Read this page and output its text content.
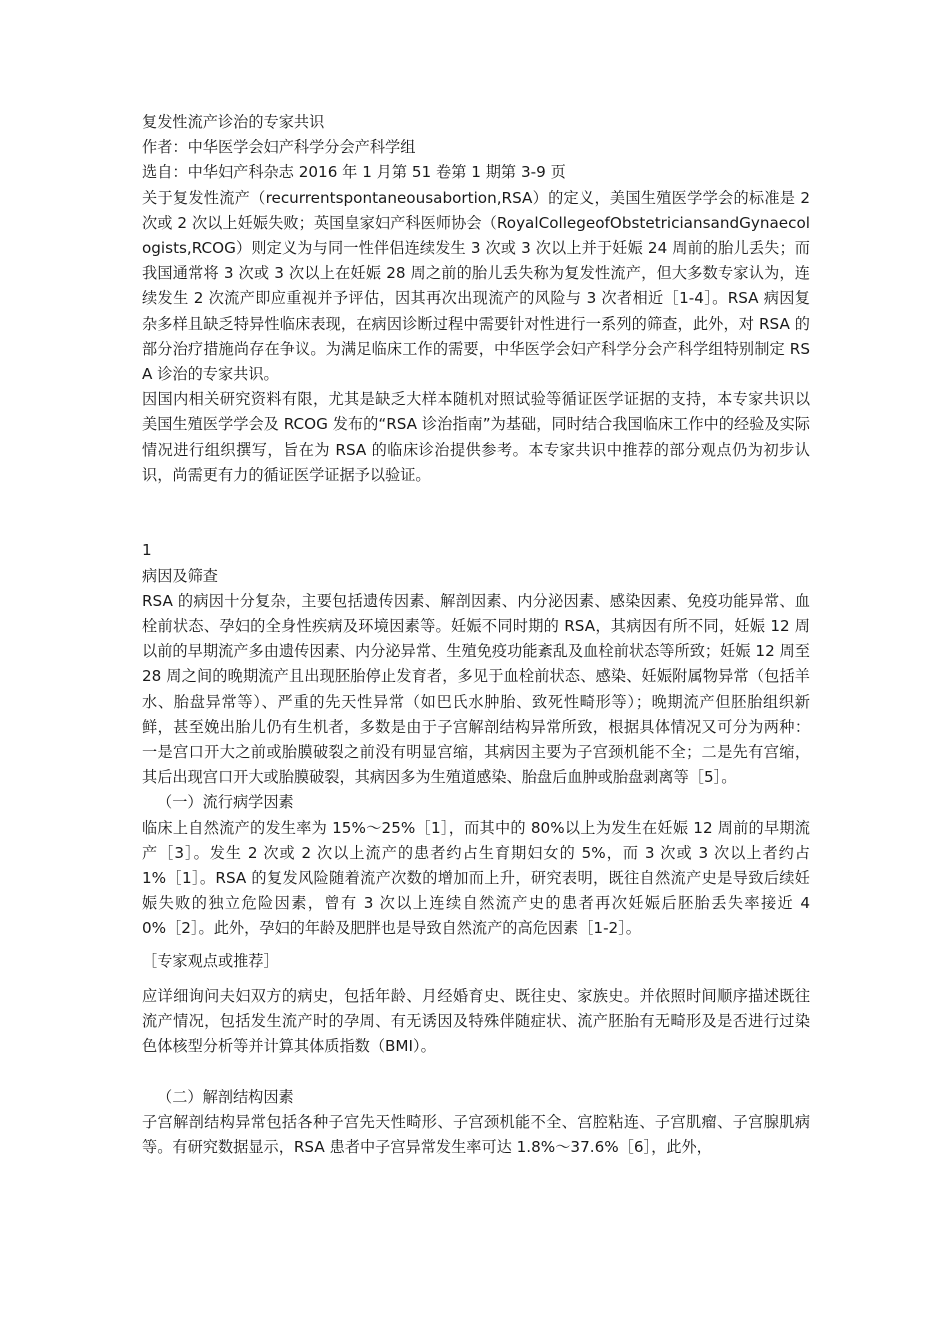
复发性流产诊治的专家共识
作者：中华医学会妇产科学分会产科学组
选自：中华妇产科杂志 2016 年 1 月第 51 卷第 1 期第 3-9 页

关于复发性流产（recurrentspontaneousabortion,RSA）的定义，美国生殖医学学会的标准是 2 次或 2 次以上妊娠失败；英国皇家妇产科医师协会（RoyalCollegeofObstetriciansandGynaecologists,RCOG）则定义为与同一性伴侣连续发生 3 次或 3 次以上并于妊娠 24 周前的胎儿丢失；而我国通常将 3 次或 3 次以上在妊娠 28 周之前的胎儿丢失称为复发性流产，但大多数专家认为，连续发生 2 次流产即应重视并予评估，因其再次出现流产的风险与 3 次者相近［1-4］。RSA 病因复杂多样且缺乏特异性临床表现，在病因诊断过程中需要针对性进行一系列的筛查，此外，对 RSA 的部分治疗措施尚存在争议。为满足临床工作的需要，中华医学会妇产科学分会产科学组特别制定 RSA 诊治的专家共识。

因国内相关研究资料有限，尤其是缺乏大样本随机对照试验等循证医学证据的支持，本专家共识以美国生殖医学学会及 RCOG 发布的“RSA 诊治指南”为基础，同时结合我国临床工作中的经验及实际情况进行组织撰写，旨在为 RSA 的临床诊治提供参考。本专家共识中推荐的部分观点仍为初步认识，尚需更有力的循证医学证据予以验证。

1
病因及筛查

RSA 的病因十分复杂，主要包括遗传因素、解剖因素、内分泌因素、感染因素、免疫功能异常、血栓前状态、孕妇的全身性疾病及环境因素等。妊娠不同时期的 RSA，其病因有所不同，妊娠 12 周以前的早期流产多由遗传因素、内分泌异常、生殖免疫功能紊乱及血栓前状态等所致；妊娠 12 周至 28 周之间的晚期流产且出现胚胎停止发育者，多见于血栓前状态、感染、妊娠附属物异常（包括羊水、胎盘异常等）、严重的先天性异常（如巴氏水肿胎、致死性畸形等）；晚期流产但胚胎组织新鲜，甚至娩出胎儿仍有生机者，多数是由于子宫解剖结构异常所致，根据具体情况又可分为两种：一是宫口开大之前或胎膜破裂之前没有明显宫缩，其病因主要为子宫颈机能不全；二是先有宫缩，其后出现宫口开大或胎膜破裂，其病因多为生殖道感染、胎盘后血肿或胎盘剥离等［5］。

（一）流行病学因素

临床上自然流产的发生率为 15%～25%［1］，而其中的 80%以上为发生在妊娠 12 周前的早期流产［3］。发生 2 次或 2 次以上流产的患者约占生育期妇女的 5%，而 3 次或 3 次以上者约占 1%［1］。RSA 的复发风险随着流产次数的增加而上升，研究表明，既往自然流产史是导致后续妊娠失败的独立危险因素，曾有 3 次以上连续自然流产史的患者再次妊娠后胚胎丢失率接近 40%［2］。此外，孕妇的年龄及肥胖也是导致自然流产的高危因素［1-2］。

［专家观点或推荐］

应详细询问夫妇双方的病史，包括年龄、月经婚育史、既往史、家族史。并依照时间顺序描述既往流产情况，包括发生流产时的孕周、有无诱因及特殊伴随症状、流产胚胎有无畸形及是否进行过染色体核型分析等并计算其体质指数（BMI）。

（二）解剖结构因素

子宫解剖结构异常包括各种子宫先天性畸形、子宫颈机能不全、宫腔粘连、子宫肌瘤、子宫腺肌病等。有研究数据显示，RSA 患者中子宫异常发生率可达 1.8%～37.6%［6］，此外，
